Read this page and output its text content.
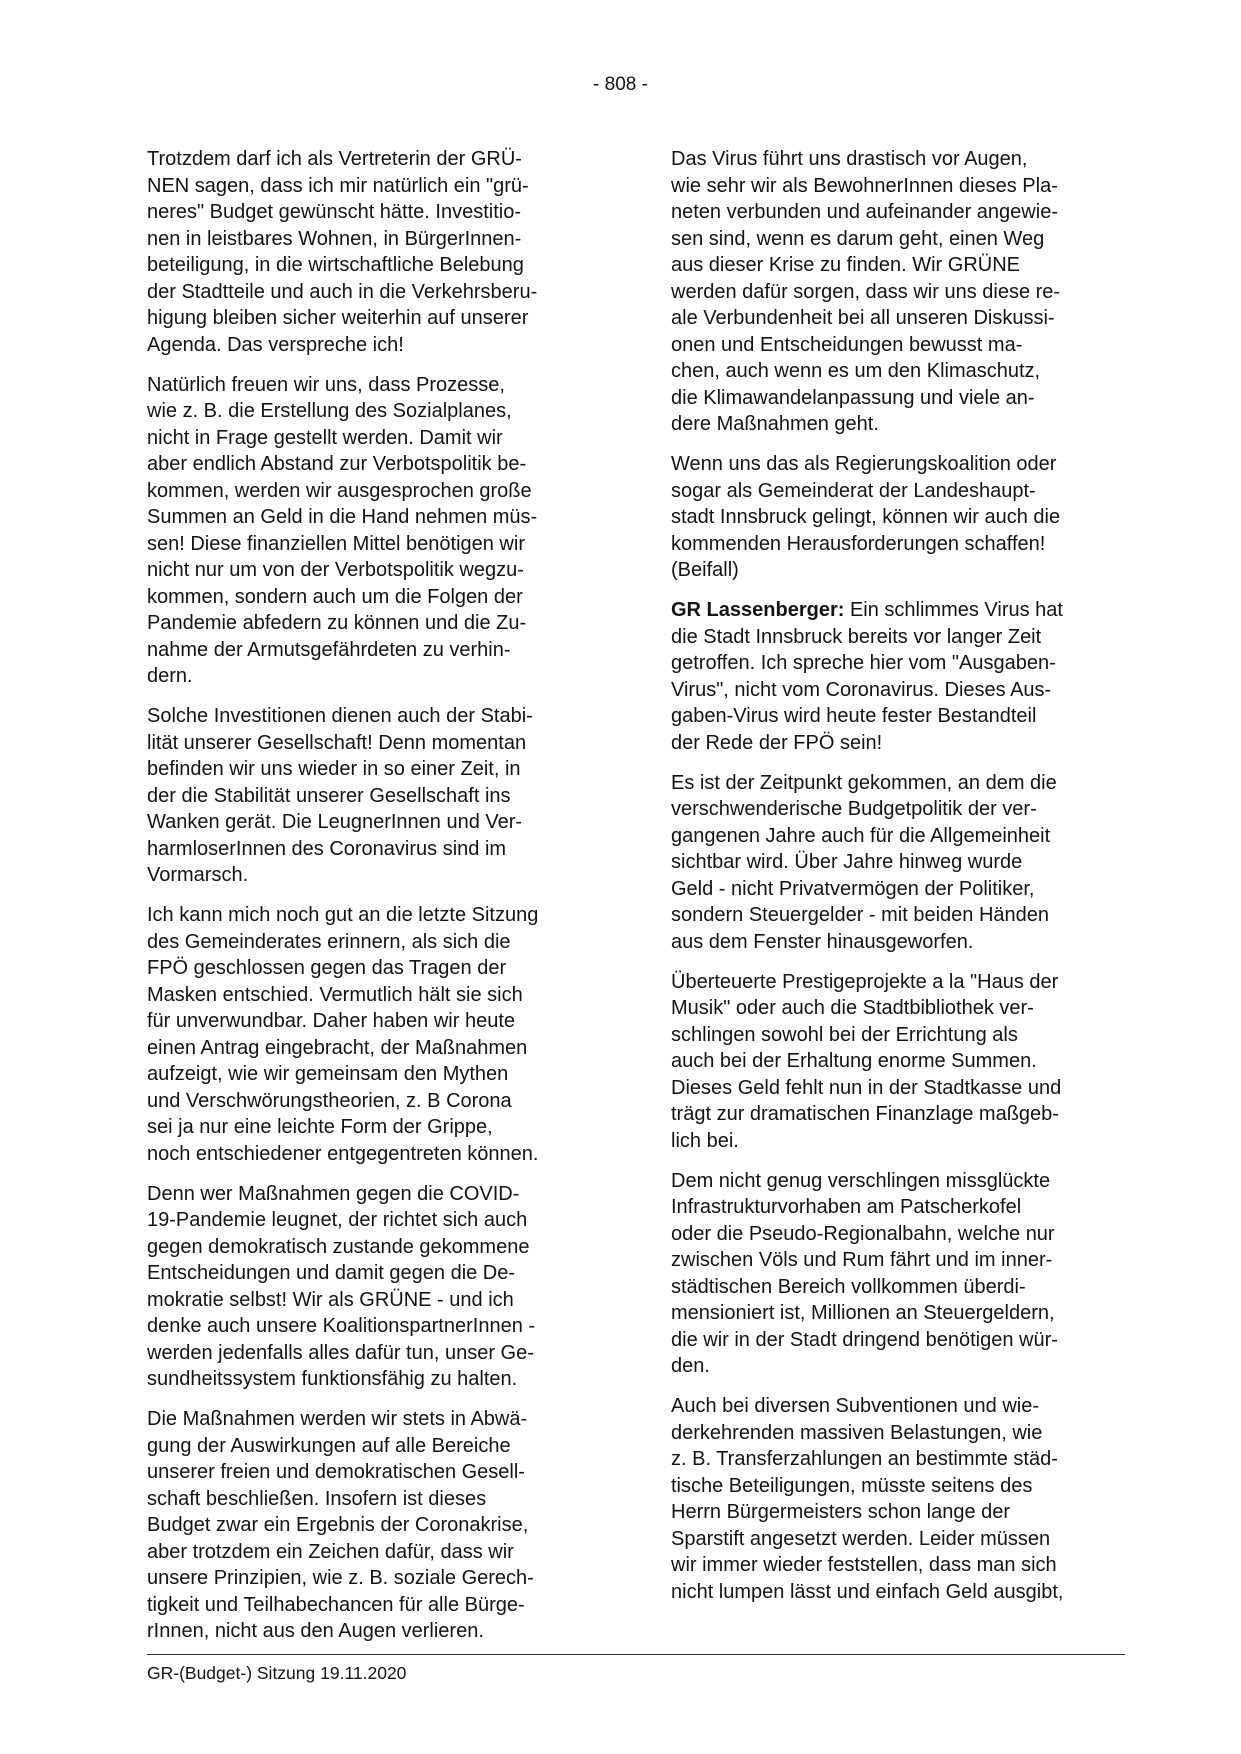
- 808 -

Trotzdem darf ich als Vertreterin der GRÜ-
NEN sagen, dass ich mir natürlich ein "grü-
neres" Budget gewünscht hätte. Investitio-
nen in leistbares Wohnen, in BürgerInnen-
beteiligung, in die wirtschaftliche Belebung
der Stadtteile und auch in die Verkehrsberu-
higung bleiben sicher weiterhin auf unserer
Agenda. Das verspreche ich!

Natürlich freuen wir uns, dass Prozesse,
wie z. B. die Erstellung des Sozialplanes,
nicht in Frage gestellt werden. Damit wir
aber endlich Abstand zur Verbotspolitik be-
kommen, werden wir ausgesprochen große
Summen an Geld in die Hand nehmen müs-
sen! Diese finanziellen Mittel benötigen wir
nicht nur um von der Verbotspolitik wegzu-
kommen, sondern auch um die Folgen der
Pandemie abfedern zu können und die Zu-
nahme der Armutsgefährdeten zu verhin-
dern.

Solche Investitionen dienen auch der Stabi-
lität unserer Gesellschaft! Denn momentan
befinden wir uns wieder in so einer Zeit, in
der die Stabilität unserer Gesellschaft ins
Wanken gerät. Die LeugnerInnen und Ver-
harmloserInnen des Coronavirus sind im
Vormarsch.

Ich kann mich noch gut an die letzte Sitzung
des Gemeinderates erinnern, als sich die
FPÖ geschlossen gegen das Tragen der
Masken entschied. Vermutlich hält sie sich
für unverwundbar. Daher haben wir heute
einen Antrag eingebracht, der Maßnahmen
aufzeigt, wie wir gemeinsam den Mythen
und Verschwörungstheorien, z. B Corona
sei ja nur eine leichte Form der Grippe,
noch entschiedener entgegentreten können.

Denn wer Maßnahmen gegen die COVID-
19-Pandemie leugnet, der richtet sich auch
gegen demokratisch zustande gekommene
Entscheidungen und damit gegen die De-
mokratie selbst! Wir als GRÜNE - und ich
denke auch unsere KoalitionspartnerInnen -
werden jedenfalls alles dafür tun, unser Ge-
sundheitssystem funktionsfähig zu halten.

Die Maßnahmen werden wir stets in Abwä-
gung der Auswirkungen auf alle Bereiche
unserer freien und demokratischen Gesell-
schaft beschließen. Insofern ist dieses
Budget zwar ein Ergebnis der Coronakrise,
aber trotzdem ein Zeichen dafür, dass wir
unsere Prinzipien, wie z. B. soziale Gerech-
tigkeit und Teilhabechancen für alle Bürge-
rInnen, nicht aus den Augen verlieren.

Das Virus führt uns drastisch vor Augen,
wie sehr wir als BewohnerInnen dieses Pla-
neten verbunden und aufeinander angewie-
sen sind, wenn es darum geht, einen Weg
aus dieser Krise zu finden. Wir GRÜNE
werden dafür sorgen, dass wir uns diese re-
ale Verbundenheit bei all unseren Diskussi-
onen und Entscheidungen bewusst ma-
chen, auch wenn es um den Klimaschutz,
die Klimawandelanpassung und viele an-
dere Maßnahmen geht.

Wenn uns das als Regierungskoalition oder
sogar als Gemeinderat der Landeshaupt-
stadt Innsbruck gelingt, können wir auch die
kommenden Herausforderungen schaffen!
(Beifall)

GR Lassenberger: Ein schlimmes Virus hat
die Stadt Innsbruck bereits vor langer Zeit
getroffen. Ich spreche hier vom "Ausgaben-
Virus", nicht vom Coronavirus. Dieses Aus-
gaben-Virus wird heute fester Bestandteil
der Rede der FPÖ sein!

Es ist der Zeitpunkt gekommen, an dem die
verschwenderische Budgetpolitik der ver-
gangenen Jahre auch für die Allgemeinheit
sichtbar wird. Über Jahre hinweg wurde
Geld - nicht Privatvermögen der Politiker,
sondern Steuergelder - mit beiden Händen
aus dem Fenster hinausgeworfen.

Überteuerte Prestigeprojekte a la "Haus der
Musik" oder auch die Stadtbibliothek ver-
schlingen sowohl bei der Errichtung als
auch bei der Erhaltung enorme Summen.
Dieses Geld fehlt nun in der Stadtkasse und
trägt zur dramatischen Finanzlage maßgeb-
lich bei.

Dem nicht genug verschlingen missglückte
Infrastrukturvorhaben am Patscherkofel
oder die Pseudo-Regionalbahn, welche nur
zwischen Völs und Rum fährt und im inner-
städtischen Bereich vollkommen überdi-
mensioniert ist, Millionen an Steuergeldern,
die wir in der Stadt dringend benötigen wür-
den.

Auch bei diversen Subventionen und wie-
derkehrenden massiven Belastungen, wie
z. B. Transferzahlungen an bestimmte städ-
tische Beteiligungen, müsste seitens des
Herrn Bürgermeisters schon lange der
Sparstift angesetzt werden. Leider müssen
wir immer wieder feststellen, dass man sich
nicht lumpen lässt und einfach Geld ausgibt,

GR-(Budget-) Sitzung 19.11.2020
